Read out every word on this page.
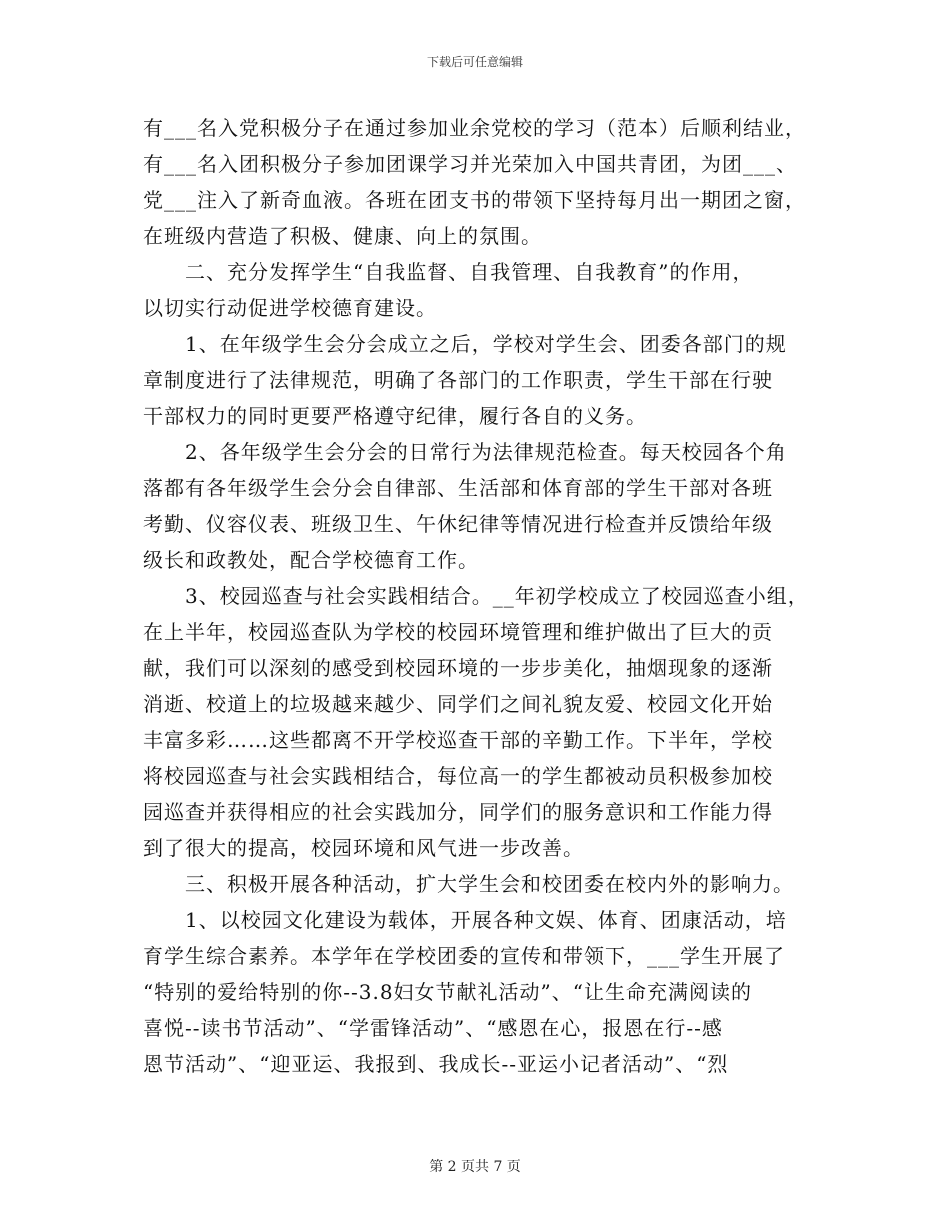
下载后可任意编辑
有___名入党积极分子在通过参加业余党校的学习（范本）后顺利结业，
有___名入团积极分子参加团课学习并光荣加入中国共青团，为团___、
党___注入了新奇血液。各班在团支书的带领下坚持每月出一期团之窗，
在班级内营造了积极、健康、向上的氛围。
　　二、充分发挥学生“自我监督、自我管理、自我教育”的作用，
以切实行动促进学校德育建设。
　　1、在年级学生会分会成立之后，学校对学生会、团委各部门的规
章制度进行了法律规范，明确了各部门的工作职责，学生干部在行驶
干部权力的同时更要严格遵守纪律，履行各自的义务。
　　2、各年级学生会分会的日常行为法律规范检查。每天校园各个角
落都有各年级学生会分会自律部、生活部和体育部的学生干部对各班
考勤、仪容仪表、班级卫生、午休纪律等情况进行检查并反馈给年级
级长和政教处，配合学校德育工作。
　　3、校园巡查与社会实践相结合。__年初学校成立了校园巡查小组，
在上半年，校园巡查队为学校的校园环境管理和维护做出了巨大的贡
献，我们可以深刻的感受到校园环境的一步步美化，抽烟现象的逐渐
消逝、校道上的垃圾越来越少、同学们之间礼貌友爱、校园文化开始
丰富多彩……这些都离不开学校巡查干部的辛勤工作。下半年，学校
将校园巡查与社会实践相结合，每位高一的学生都被动员积极参加校
园巡查并获得相应的社会实践加分，同学们的服务意识和工作能力得
到了很大的提高，校园环境和风气进一步改善。
　　三、积极开展各种活动，扩大学生会和校团委在校内外的影响力。
　　1、以校园文化建设为载体，开展各种文娱、体育、团康活动，培
育学生综合素养。本学年在学校团委的宣传和带领下，___学生开展了
“特别的爱给特别的你--3.8妇女节献礼活动”、“让生命充满阅读的
喜悦--读书节活动”、“学雷锋活动”、“感恩在心，报恩在行--感
恩节活动”、“迎亚运、我报到、我成长--亚运小记者活动”、“烈
第 2 页共 7 页
